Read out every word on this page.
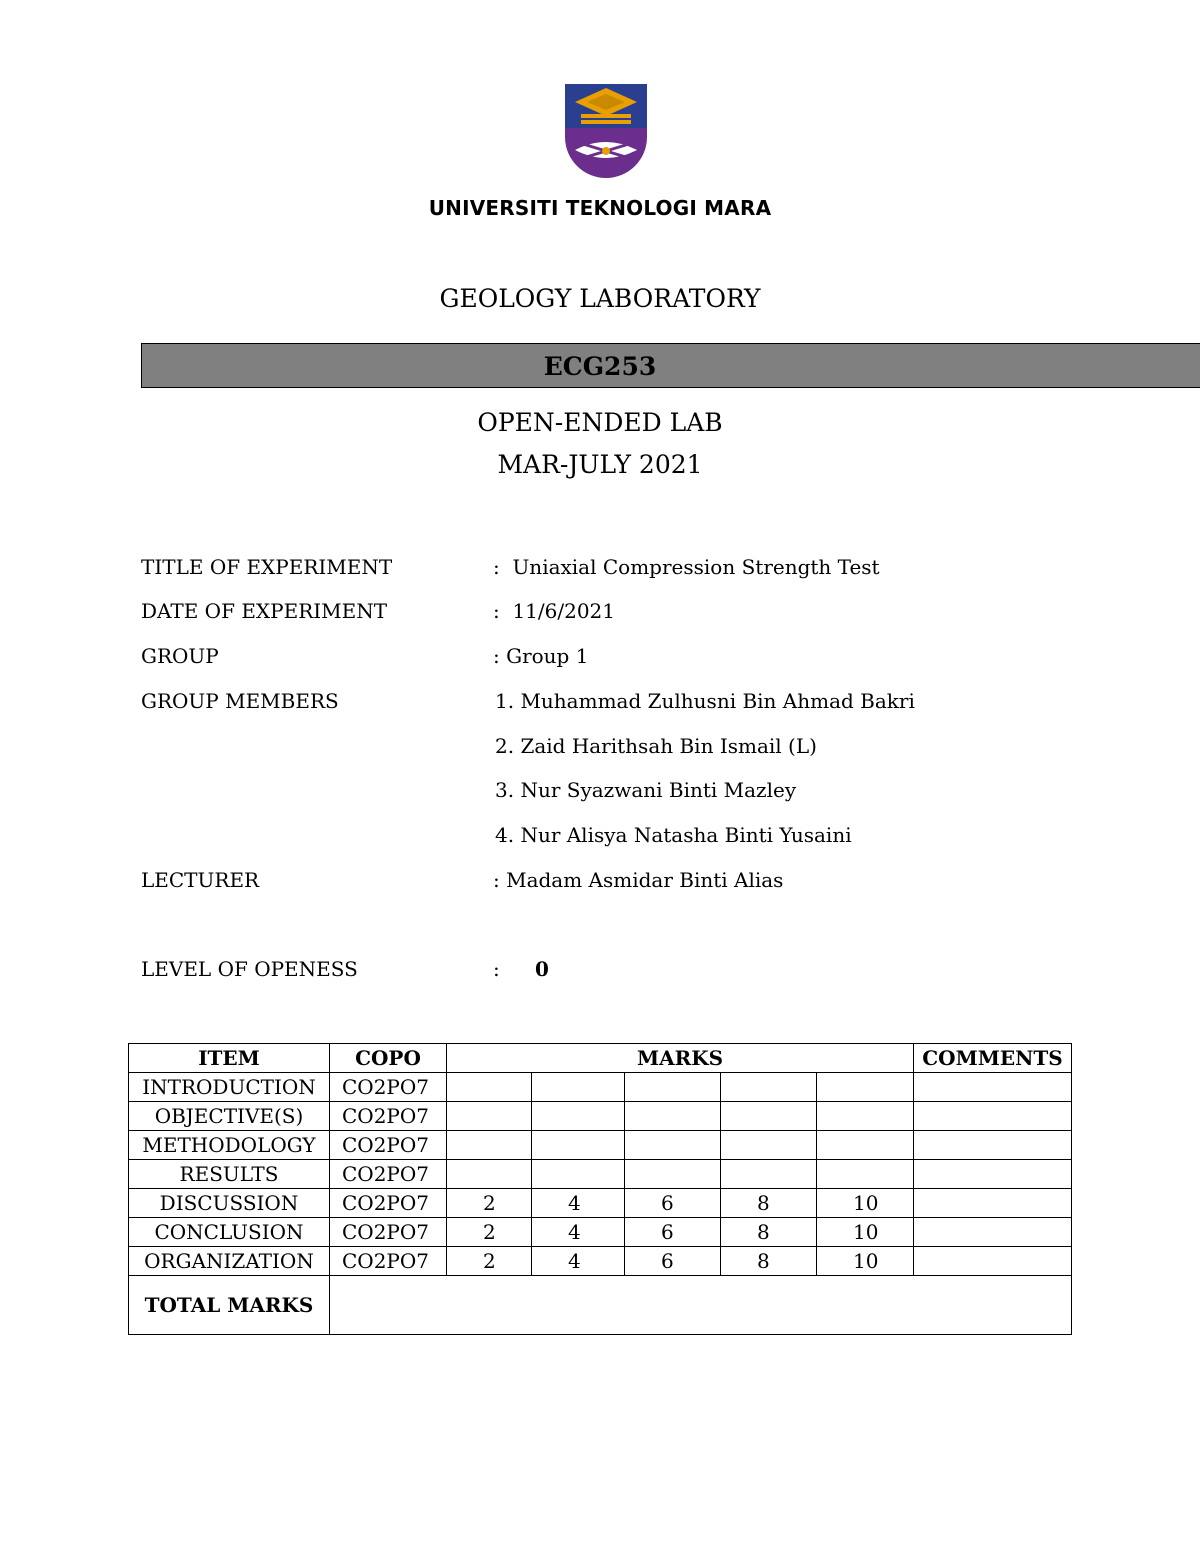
UNIVERSITI TEKNOLOGI MARA
GEOLOGY LABORATORY
ECG253
OPEN-ENDED LAB
MAR-JULY 2021
TITLE OF EXPERIMENT	:  Uniaxial Compression Strength Test
DATE OF EXPERIMENT	:  11/6/2021
GROUP	: Group 1
GROUP MEMBERS	1. Muhammad Zulhusni Bin Ahmad Bakri
2. Zaid Harithsah Bin Ismail (L)
3. Nur Syazwani Binti Mazley
4. Nur Alisya Natasha Binti Yusaini
LECTURER	: Madam Asmidar Binti Alias
LEVEL OF OPENESS	: 0
ITEM	COPO	MARKS					COMMENTS
INTRODUCTION	CO2PO7						
OBJECTIVE(S)	CO2PO7						
METHODOLOGY	CO2PO7						
RESULTS	CO2PO7						
DISCUSSION	CO2PO7	2	4	6	8	10	
CONCLUSION	CO2PO7	2	4	6	8	10	
ORGANIZATION	CO2PO7	2	4	6	8	10	
TOTAL MARKS							
